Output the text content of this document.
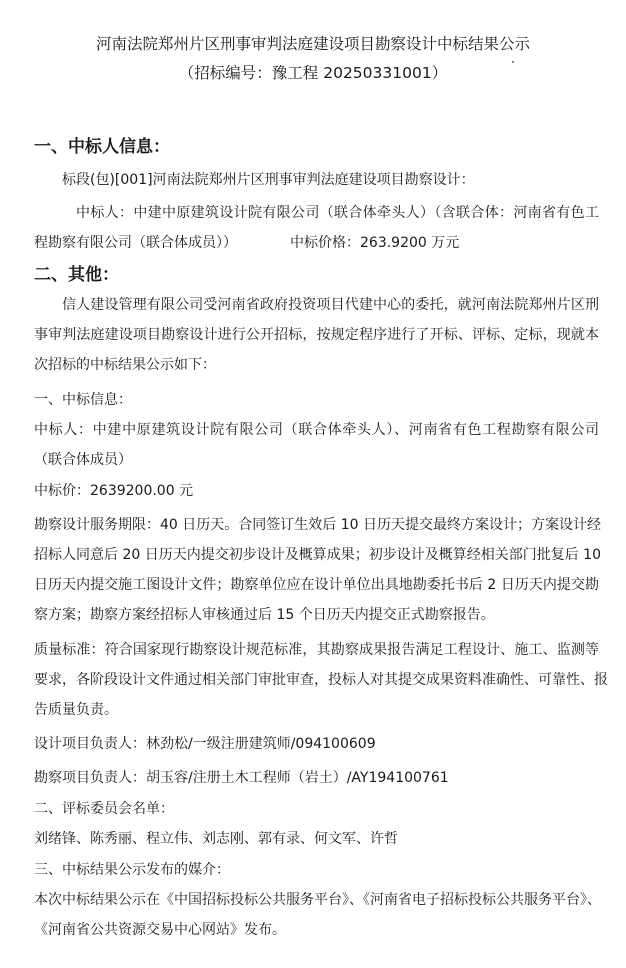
河南法院郑州片区刑事审判法庭建设项目勘察设计中标结果公示
（招标编号：豫工程 20250331001）
一、中标人信息：
标段(包)[001]河南法院郑州片区刑事审判法庭建设项目勘察设计：
中标人：中建中原建筑设计院有限公司（联合体牵头人）（含联合体：河南省有色工
程勘察有限公司（联合体成员））	中标价格：263.9200 万元
二、其他：
信人建设管理有限公司受河南省政府投资项目代建中心的委托，就河南法院郑州片区刑
事审判法庭建设项目勘察设计进行公开招标，按规定程序进行了开标、评标、定标，现就本
次招标的中标结果公示如下：
一、中标信息：
中标人：中建中原建筑设计院有限公司（联合体牵头人）、河南省有色工程勘察有限公司
（联合体成员）
中标价：2639200.00 元
勘察设计服务期限：40 日历天。合同签订生效后 10 日历天提交最终方案设计；方案设计经
招标人同意后 20 日历天内提交初步设计及概算成果；初步设计及概算经相关部门批复后 10
日历天内提交施工图设计文件；勘察单位应在设计单位出具地勘委托书后 2 日历天内提交勘
察方案；勘察方案经招标人审核通过后 15 个日历天内提交正式勘察报告。
质量标准：符合国家现行勘察设计规范标准，其勘察成果报告满足工程设计、施工、监测等
要求，各阶段设计文件通过相关部门审批审查，投标人对其提交成果资料准确性、可靠性、报
告质量负责。
设计项目负责人：林劲松/一级注册建筑师/094100609
勘察项目负责人：胡玉容/注册土木工程师（岩土）/AY194100761
二、评标委员会名单：
刘绪锋、陈秀丽、程立伟、刘志刚、郭有录、何文军、许哲
三、中标结果公示发布的媒介：
本次中标结果公示在《中国招标投标公共服务平台》、《河南省电子招标投标公共服务平台》、
《河南省公共资源交易中心网站》发布。
